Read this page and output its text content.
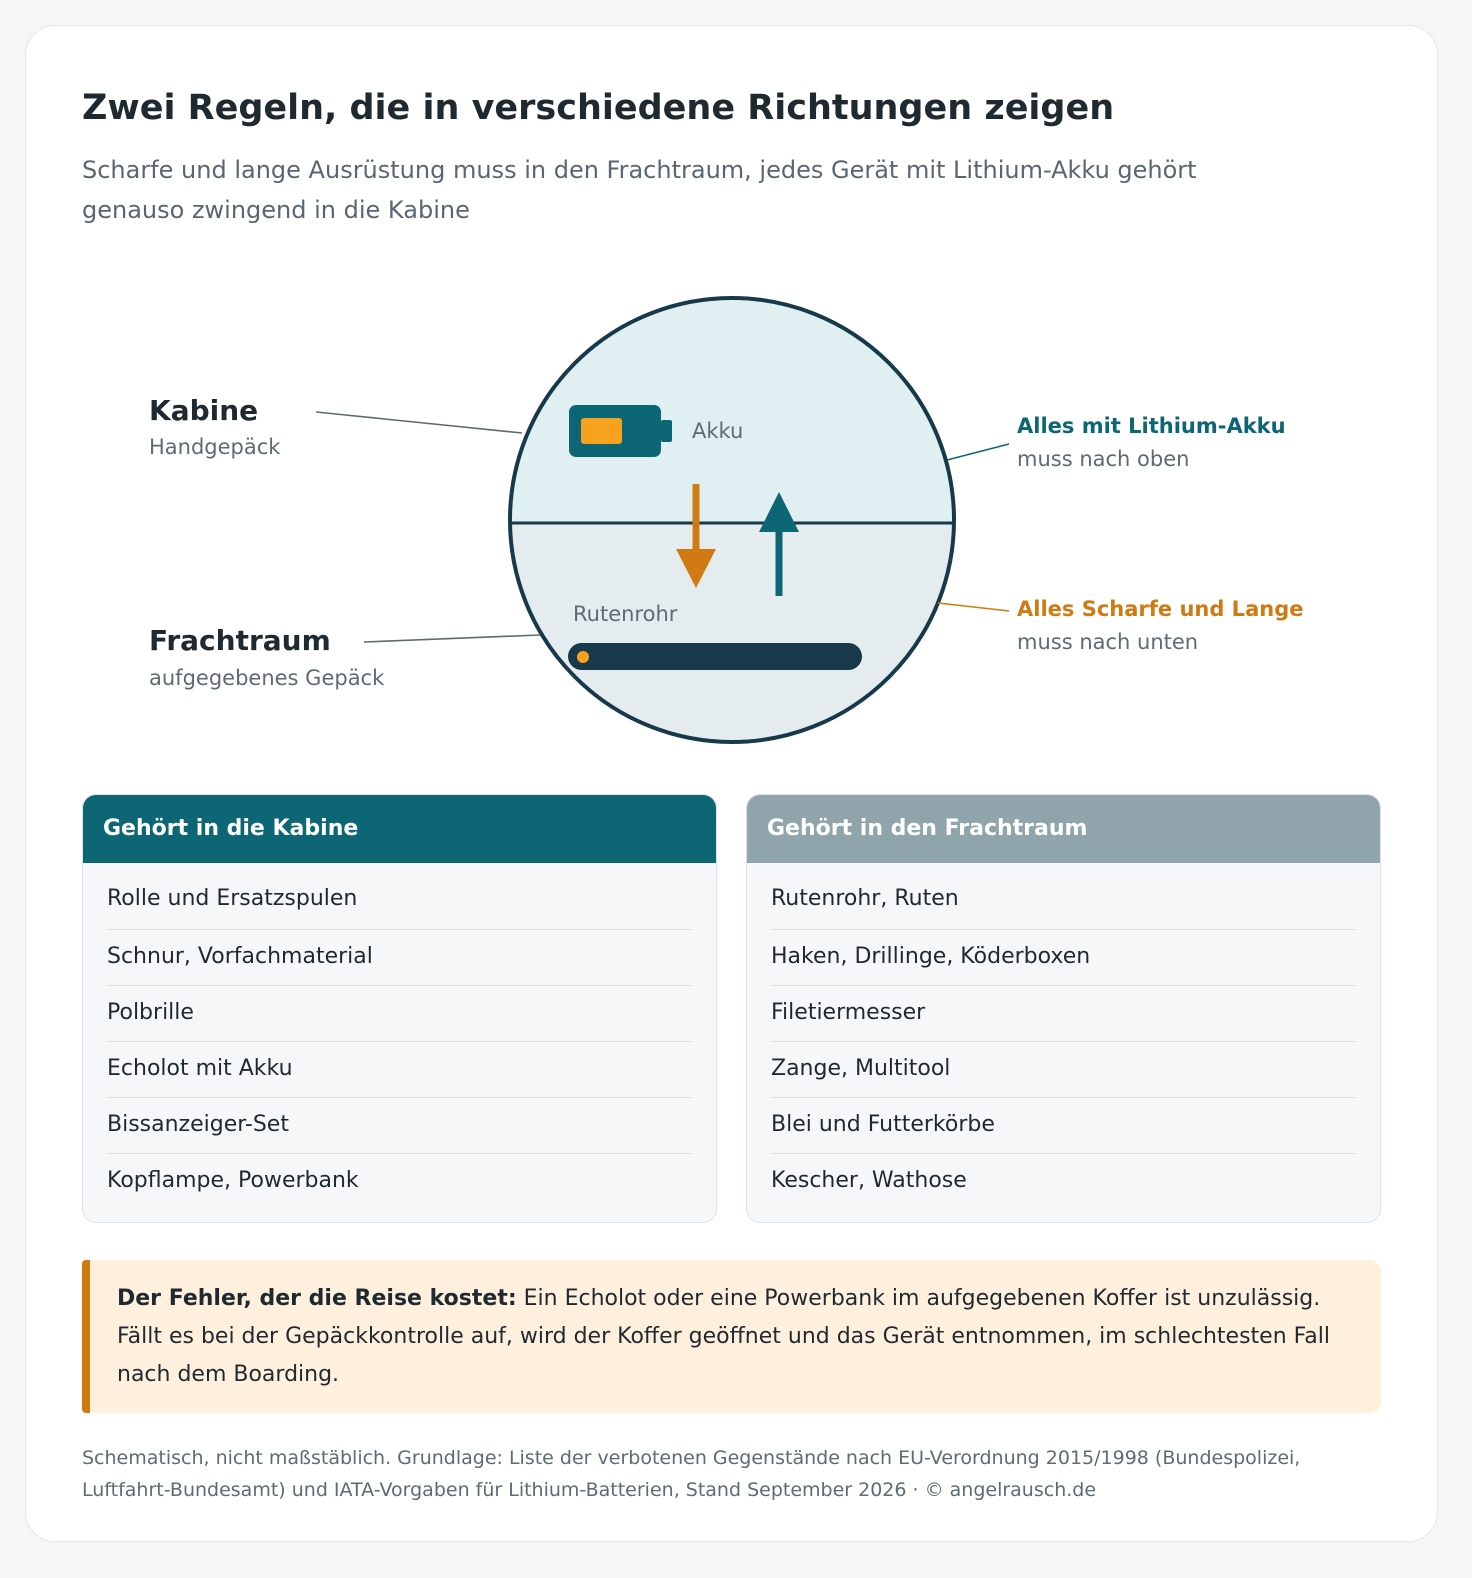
Zwei Regeln, die in verschiedene Richtungen zeigen

Scharfe und lange Ausrüstung muss in den Frachtraum, jedes Gerät mit Lithium-Akku gehört genauso zwingend in die Kabine

Kabine
Handgepäck
Frachtraum
aufgegebenes Gepäck
Akku
Rutenrohr
Alles mit Lithium-Akku
muss nach oben
Alles Scharfe und Lange
muss nach unten
Gehört in die Kabine
Rolle und Ersatzspulen
Schnur, Vorfachmaterial
Polbrille
Echolot mit Akku
Bissanzeiger-Set
Kopflampe, Powerbank
Gehört in den Frachtraum
Rutenrohr, Ruten
Haken, Drillinge, Köderboxen
Filetiermesser
Zange, Multitool
Blei und Futterkörbe
Kescher, Wathose
Der Fehler, der die Reise kostet: Ein Echolot oder eine Powerbank im aufgegebenen Koffer ist unzulässig. Fällt es bei der Gepäckkontrolle auf, wird der Koffer geöffnet und das Gerät entnommen, im schlechtesten Fall nach dem Boarding.

Schematisch, nicht maßstäblich. Grundlage: Liste der verbotenen Gegenstände nach EU-Verordnung 2015/1998 (Bundespolizei, Luftfahrt-Bundesamt) und IATA-Vorgaben für Lithium-Batterien, Stand September 2026 · © angelrausch.de
